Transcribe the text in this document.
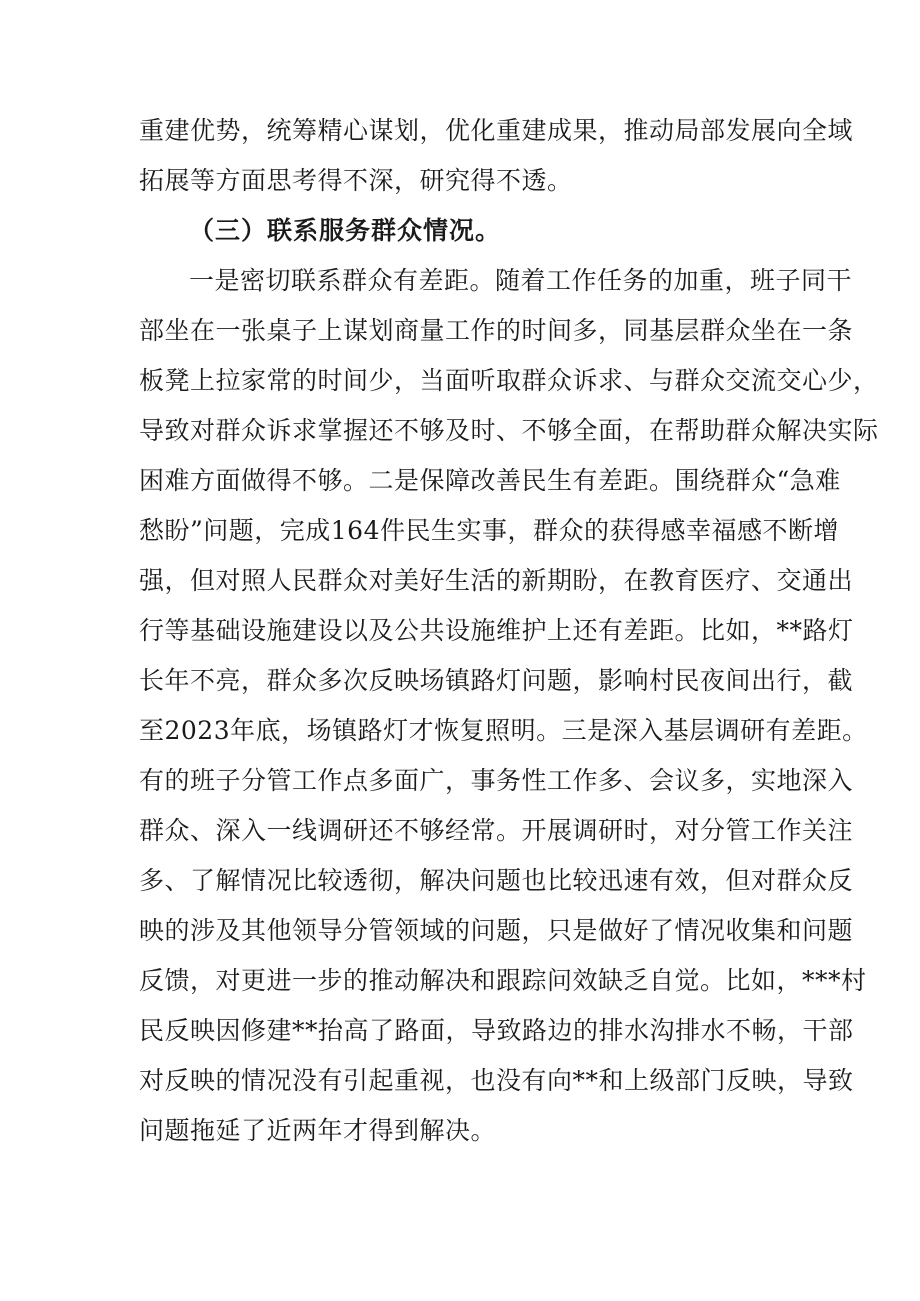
重建优势，统筹精心谋划，优化重建成果，推动局部发展向全域
拓展等方面思考得不深，研究得不透。
（三）联系服务群众情况。
一是密切联系群众有差距。随着工作任务的加重，班子同干
部坐在一张桌子上谋划商量工作的时间多，同基层群众坐在一条
板凳上拉家常的时间少，当面听取群众诉求、与群众交流交心少，
导致对群众诉求掌握还不够及时、不够全面，在帮助群众解决实际
困难方面做得不够。二是保障改善民生有差距。围绕群众“急难
愁盼”问题，完成164件民生实事，群众的获得感幸福感不断增
强，但对照人民群众对美好生活的新期盼，在教育医疗、交通出
行等基础设施建设以及公共设施维护上还有差距。比如，**路灯
长年不亮，群众多次反映场镇路灯问题，影响村民夜间出行，截
至2023年底，场镇路灯才恢复照明。三是深入基层调研有差距。
有的班子分管工作点多面广，事务性工作多、会议多，实地深入
群众、深入一线调研还不够经常。开展调研时，对分管工作关注
多、了解情况比较透彻，解决问题也比较迅速有效，但对群众反
映的涉及其他领导分管领域的问题，只是做好了情况收集和问题
反馈，对更进一步的推动解决和跟踪问效缺乏自觉。比如，***村
民反映因修建**抬高了路面，导致路边的排水沟排水不畅，干部
对反映的情况没有引起重视，也没有向**和上级部门反映，导致
问题拖延了近两年才得到解决。
